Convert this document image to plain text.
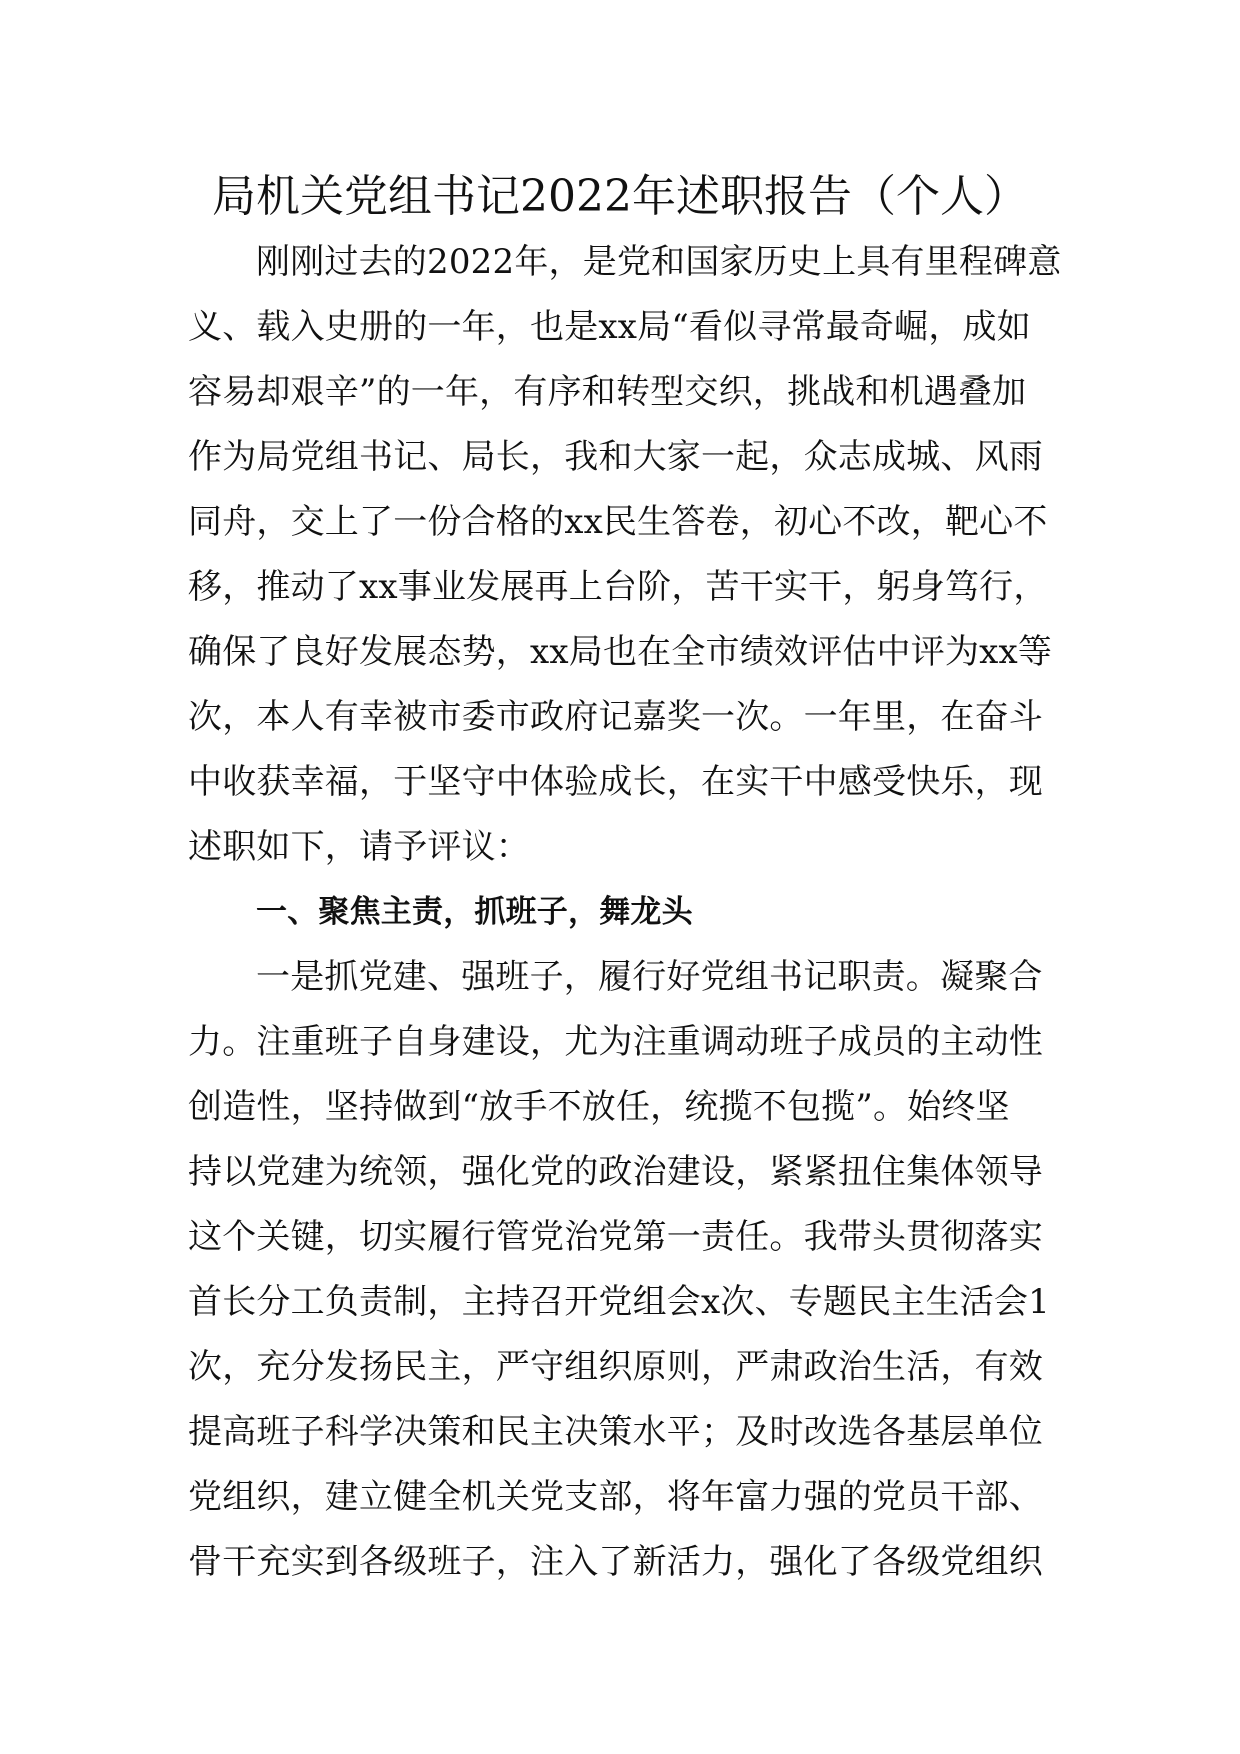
局机关党组书记2022年述职报告（个人）
刚刚过去的2022年，是党和国家历史上具有里程碑意
义、载入史册的一年，也是xx局“看似寻常最奇崛，成如
容易却艰辛”的一年，有序和转型交织，挑战和机遇叠加
作为局党组书记、局长，我和大家一起，众志成城、风雨
同舟，交上了一份合格的xx民生答卷，初心不改，靶心不
移，推动了xx事业发展再上台阶，苦干实干，躬身笃行，
确保了良好发展态势，xx局也在全市绩效评估中评为xx等
次，本人有幸被市委市政府记嘉奖一次。一年里，在奋斗
中收获幸福，于坚守中体验成长，在实干中感受快乐，现
述职如下，请予评议：
一、聚焦主责，抓班子，舞龙头
一是抓党建、强班子，履行好党组书记职责。凝聚合
力。注重班子自身建设，尤为注重调动班子成员的主动性
创造性，坚持做到“放手不放任，统揽不包揽”。始终坚
持以党建为统领，强化党的政治建设，紧紧扭住集体领导
这个关键，切实履行管党治党第一责任。我带头贯彻落实
首长分工负责制，主持召开党组会x次、专题民主生活会1
次，充分发扬民主，严守组织原则，严肃政治生活，有效
提高班子科学决策和民主决策水平；及时改选各基层单位
党组织，建立健全机关党支部，将年富力强的党员干部、
骨干充实到各级班子，注入了新活力，强化了各级党组织
